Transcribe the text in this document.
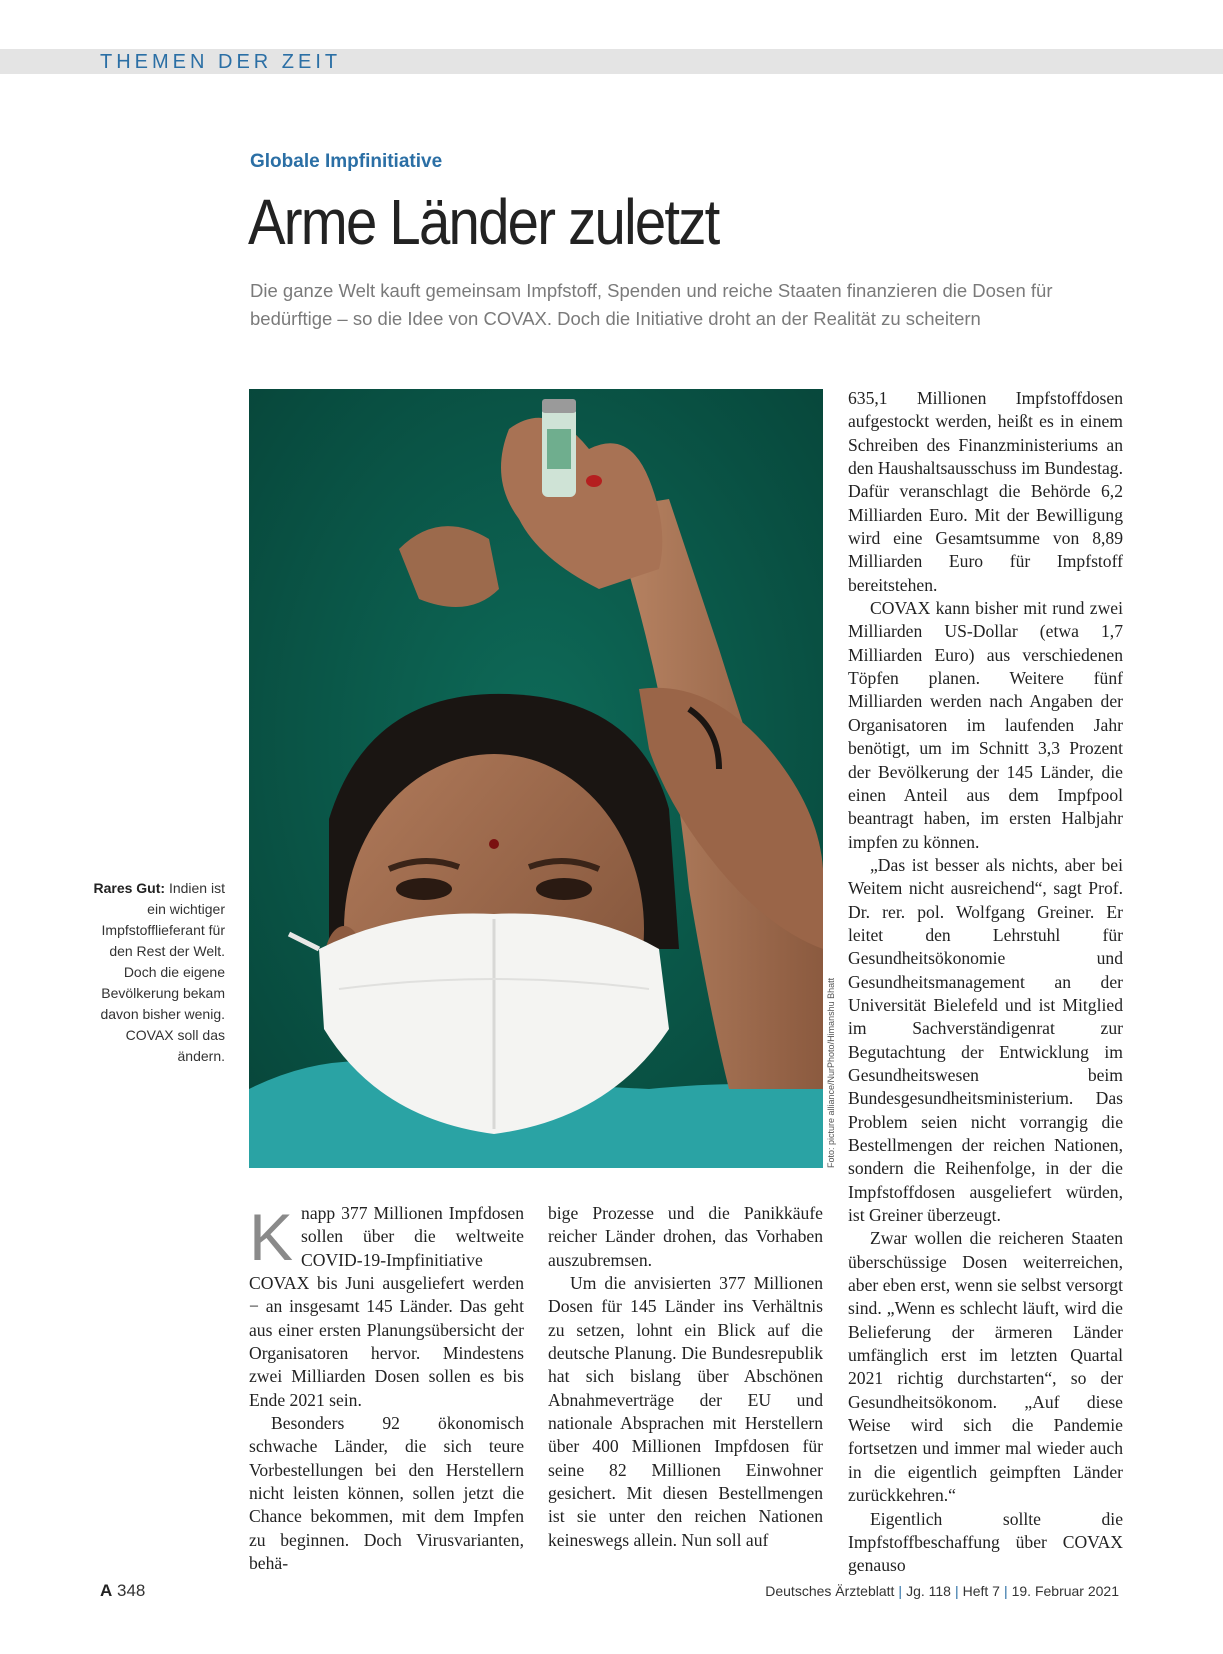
THEMEN DER ZEIT
Globale Impfinitiative
Arme Länder zuletzt
Die ganze Welt kauft gemeinsam Impfstoff, Spenden und reiche Staaten finanzieren die Dosen für bedürftige – so die Idee von COVAX. Doch die Initiative droht an der Realität zu scheitern
Foto: picture alliance/NurPhoto/Himanshu Bhatt
Rares Gut: Indien ist ein wichtiger Impfstofflieferant für den Rest der Welt. Doch die eigene Bevölkerung bekam davon bisher wenig. COVAX soll das ändern.

Knapp 377 Millionen Impfdosen sollen über die weltweite COVID-19-Impfinitiative COVAX bis Juni ausgeliefert werden − an insgesamt 145 Länder. Das geht aus einer ersten Planungsübersicht der Organisatoren hervor. Mindestens zwei Milliarden Dosen sollen es bis Ende 2021 sein.

Besonders 92 ökonomisch schwache Länder, die sich teure Vorbestellungen bei den Herstellern nicht leisten können, sollen jetzt die Chance bekommen, mit dem Impfen zu beginnen. Doch Virusvarianten, behä-

bige Prozesse und die Panikkäufe reicher Länder drohen, das Vorhaben auszubremsen.

Um die anvisierten 377 Millionen Dosen für 145 Länder ins Verhältnis zu setzen, lohnt ein Blick auf die deutsche Planung. Die Bundesrepublik hat sich bislang über Abschönen Abnahmeverträge der EU und nationale Absprachen mit Herstellern über 400 Millionen Impfdosen für seine 82 Millionen Einwohner gesichert. Mit diesen Bestellmengen ist sie unter den reichen Nationen keineswegs allein. Nun soll auf

635,1 Millionen Impfstoffdosen aufgestockt werden, heißt es in einem Schreiben des Finanzministeriums an den Haushaltsausschuss im Bundestag. Dafür veranschlagt die Behörde 6,2 Milliarden Euro. Mit der Bewilligung wird eine Gesamtsumme von 8,89 Milliarden Euro für Impfstoff bereitstehen.

COVAX kann bisher mit rund zwei Milliarden US-Dollar (etwa 1,7 Milliarden Euro) aus verschiedenen Töpfen planen. Weitere fünf Milliarden werden nach Angaben der Organisatoren im laufenden Jahr benötigt, um im Schnitt 3,3 Prozent der Bevölkerung der 145 Länder, die einen Anteil aus dem Impfpool beantragt haben, im ersten Halbjahr impfen zu können.

„Das ist besser als nichts, aber bei Weitem nicht ausreichend“, sagt Prof. Dr. rer. pol. Wolfgang Greiner. Er leitet den Lehrstuhl für Gesundheitsökonomie und Gesundheitsmanagement an der Universität Bielefeld und ist Mitglied im Sachverständigenrat zur Begutachtung der Entwicklung im Gesundheitswesen beim Bundesgesundheitsministerium. Das Problem seien nicht vorrangig die Bestellmengen der reichen Nationen, sondern die Reihenfolge, in der die Impfstoffdosen ausgeliefert würden, ist Greiner überzeugt.

Zwar wollen die reicheren Staaten überschüssige Dosen weiterreichen, aber eben erst, wenn sie selbst versorgt sind. „Wenn es schlecht läuft, wird die Belieferung der ärmeren Länder umfänglich erst im letzten Quartal 2021 richtig durchstarten“, so der Gesundheitsökonom. „Auf diese Weise wird sich die Pandemie fortsetzen und immer mal wieder auch in die eigentlich geimpften Länder zurückkehren.“

Eigentlich sollte die Impfstoffbeschaffung über COVAX genauso

A 348	Deutsches Ärzteblatt | Jg. 118 | Heft 7 | 19. Februar 2021
